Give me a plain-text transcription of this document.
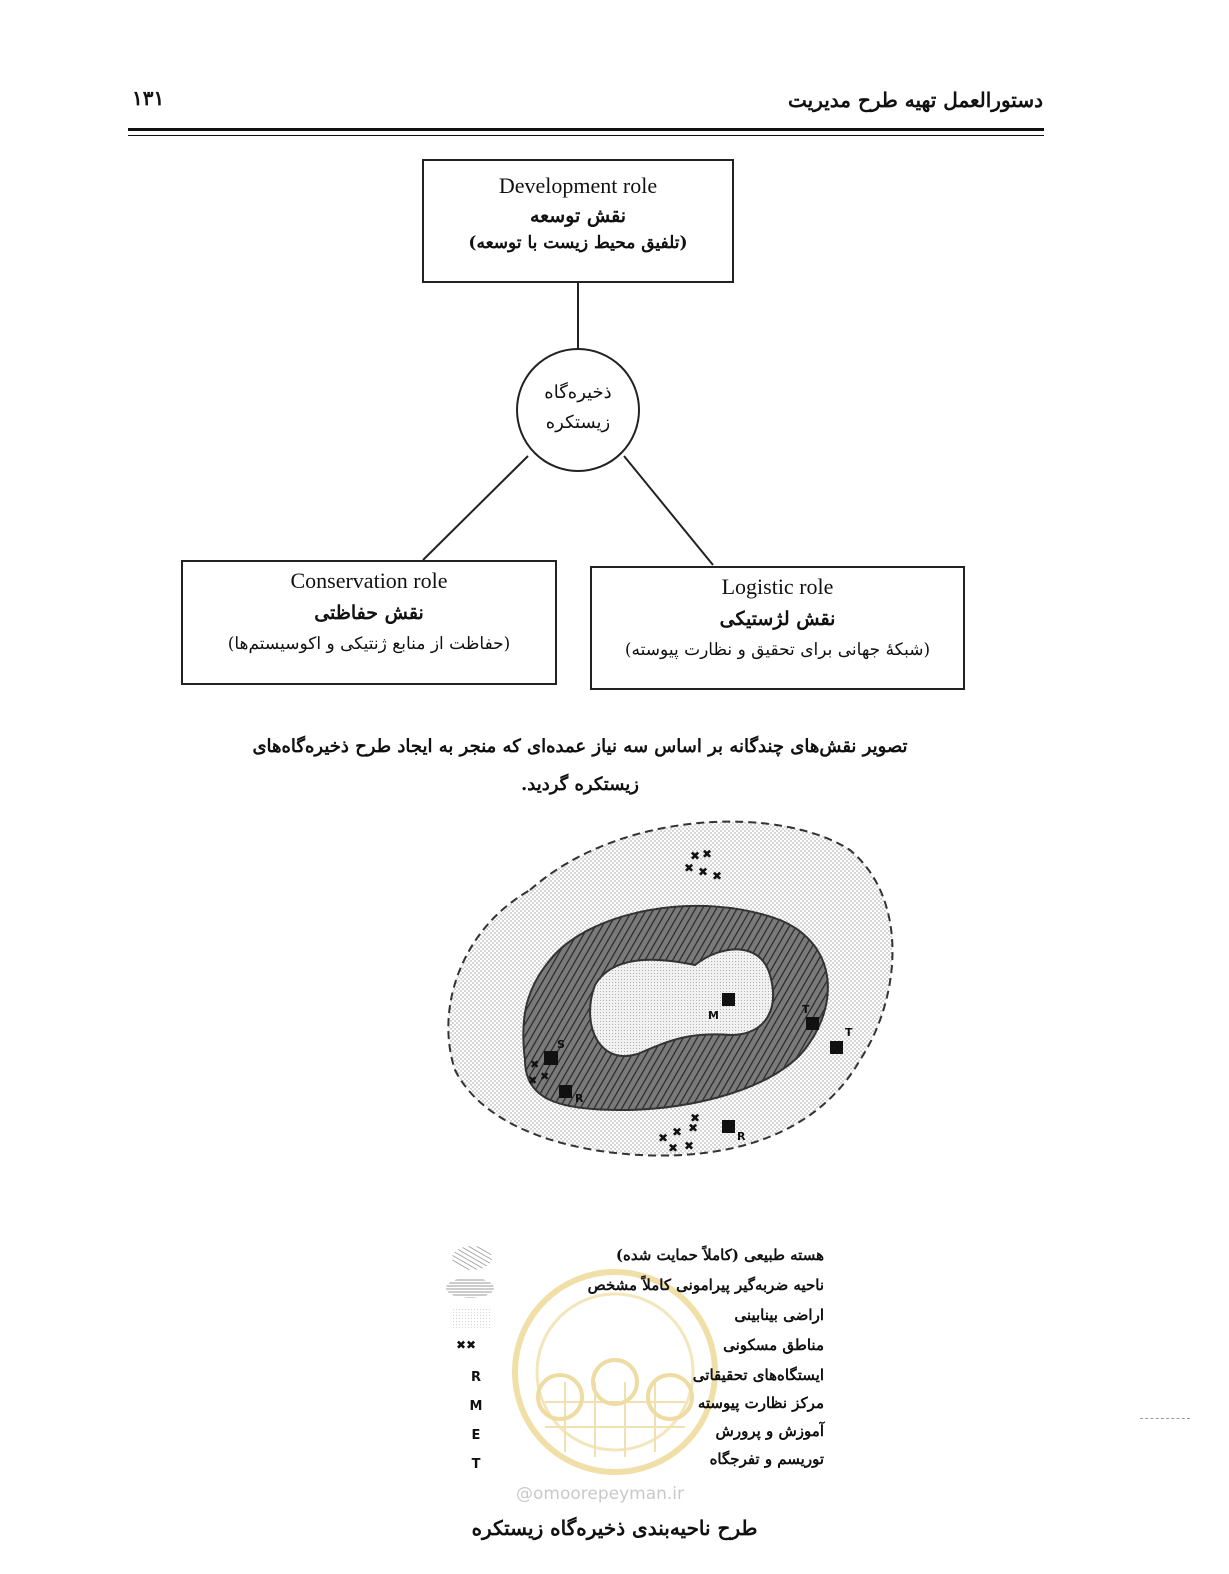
دستورالعمل تهیه طرح مدیریت
۱۳۱
Development role
نقش توسعه
(تلفیق محیط زیست با توسعه)
ذخیره‌گاه
زیستکره
Conservation role
نقش حفاظتی
(حفاظت از منابع ژنتیکی و اکوسیستم‌ها)
Logistic role
نقش لژستیکی
(شبکهٔ جهانی برای تحقیق و نظارت پیوسته)
تصویر نقش‌های چندگانه بر اساس سه نیاز عمده‌ای که منجر به ایجاد طرح ذخیره‌گاه‌های
زیستکره گردید.
✖ ✖
✖ ✖ ✖
✖ ✖ ✖
✖ ✖
✖
✖
✖
✖
M	T
T
S
R
R
✖✖
R
M
E
T
هسته طبیعی (کاملاً حمایت شده)
ناحیه ضربه‌گیر پیرامونی کاملاً مشخص
اراضی بینابینی
مناطق مسکونی
ایستگاه‌های تحقیقاتی
مرکز نظارت پیوسته
آموزش و پرورش
توریسم و تفرجگاه
@omoorepeyman.ir
طرح ناحیه‌بندی ذخیره‌گاه زیستکره
